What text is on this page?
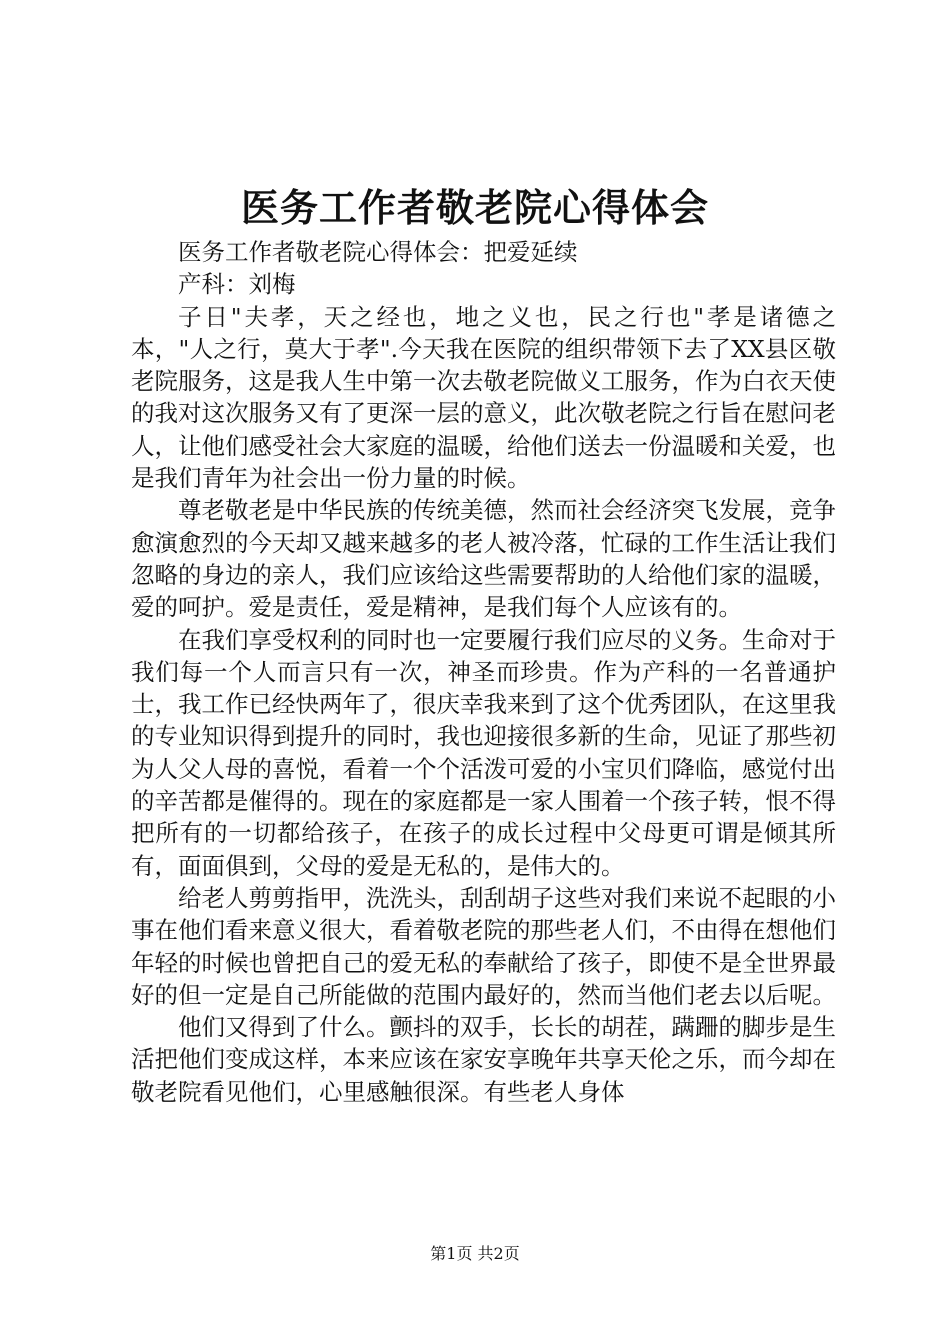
医务工作者敬老院心得体会

医务工作者敬老院心得体会：把爱延续

产科：刘梅

子日"夫孝，天之经也，地之义也，民之行也"孝是诸德之本，"人之行，莫大于孝".今天我在医院的组织带领下去了XX县区敬老院服务，这是我人生中第一次去敬老院做义工服务，作为白衣天使的我对这次服务又有了更深一层的意义，此次敬老院之行旨在慰问老人，让他们感受社会大家庭的温暖，给他们送去一份温暖和关爱，也是我们青年为社会出一份力量的时候。

尊老敬老是中华民族的传统美德，然而社会经济突飞发展，竞争愈演愈烈的今天却又越来越多的老人被冷落，忙碌的工作生活让我们忽略的身边的亲人，我们应该给这些需要帮助的人给他们家的温暖，爱的呵护。爱是责任，爱是精神，是我们每个人应该有的。

在我们享受权利的同时也一定要履行我们应尽的义务。生命对于我们每一个人而言只有一次，神圣而珍贵。作为产科的一名普通护士，我工作已经快两年了，很庆幸我来到了这个优秀团队，在这里我的专业知识得到提升的同时，我也迎接很多新的生命，见证了那些初为人父人母的喜悦，看着一个个活泼可爱的小宝贝们降临，感觉付出的辛苦都是催得的。现在的家庭都是一家人围着一个孩子转，恨不得把所有的一切都给孩子，在孩子的成长过程中父母更可谓是倾其所有，面面俱到，父母的爱是无私的，是伟大的。

给老人剪剪指甲，洗洗头，刮刮胡子这些对我们来说不起眼的小事在他们看来意义很大，看着敬老院的那些老人们，不由得在想他们年轻的时候也曾把自己的爱无私的奉献给了孩子，即使不是全世界最好的但一定是自己所能做的范围内最好的，然而当他们老去以后呢。

他们又得到了什么。颤抖的双手，长长的胡茬，蹒跚的脚步是生活把他们变成这样，本来应该在家安享晚年共享天伦之乐，而今却在敬老院看见他们，心里感触很深。有些老人身体

第1页 共2页
